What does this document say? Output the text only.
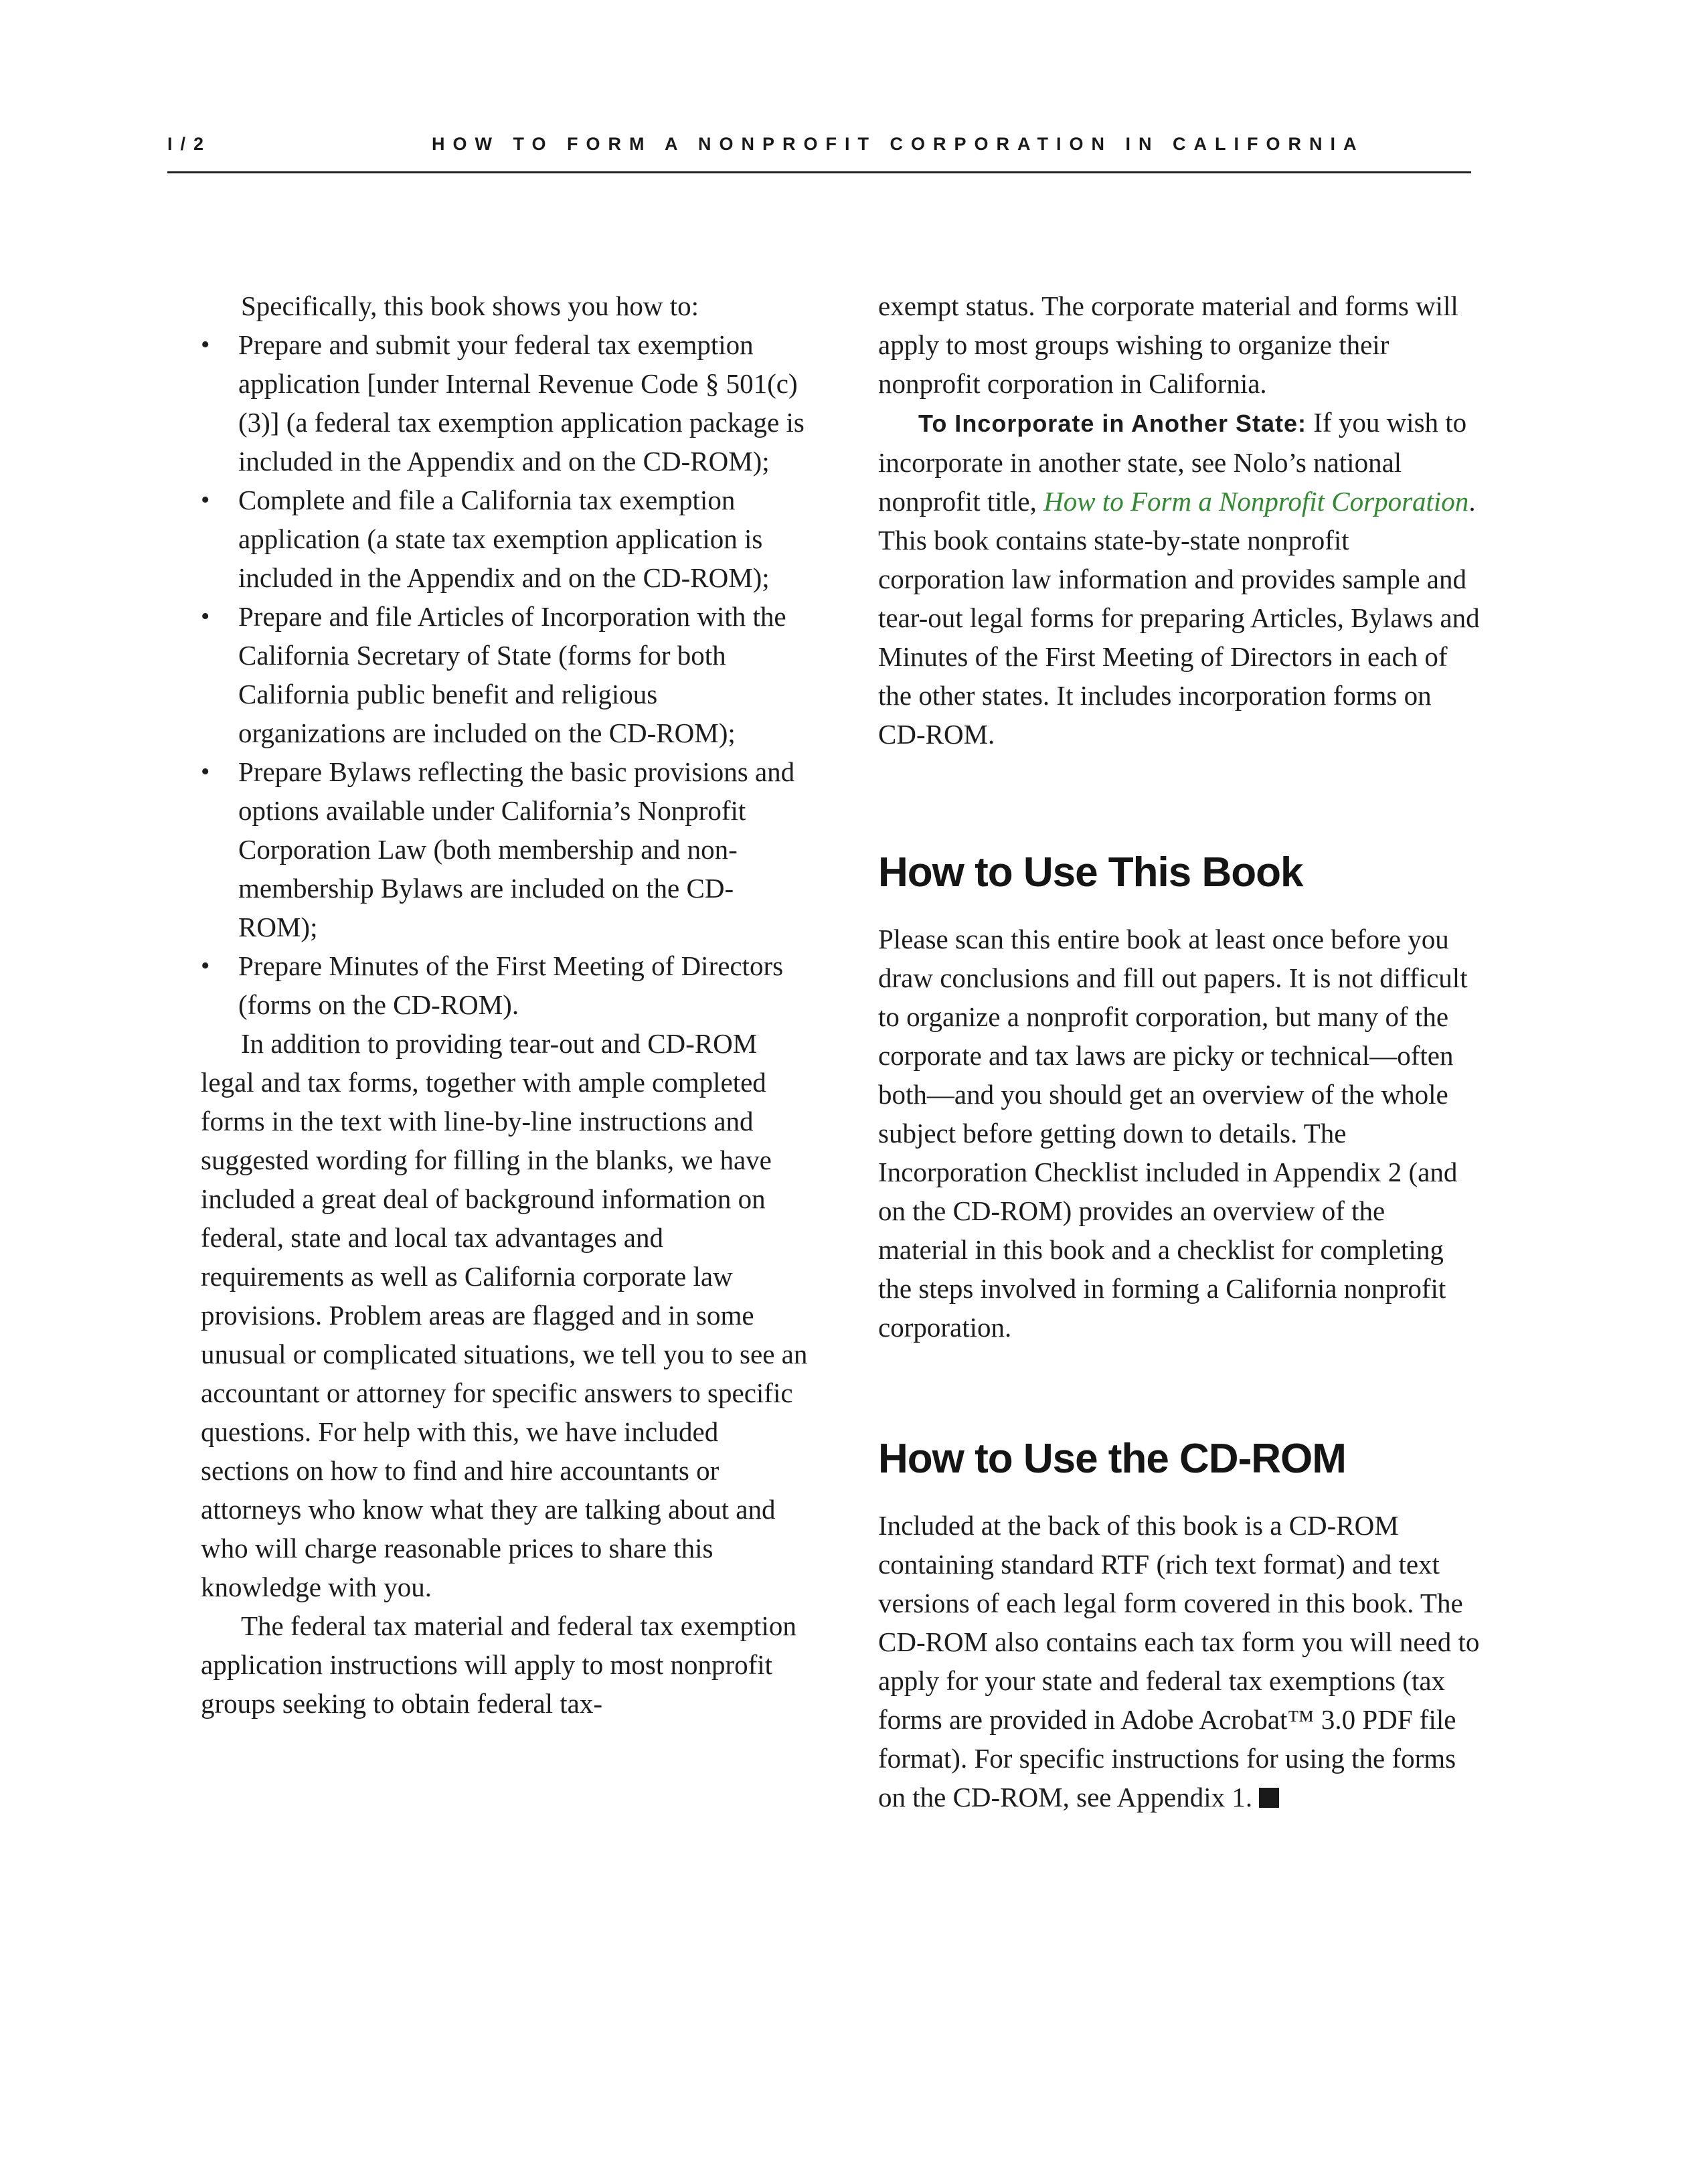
I/2	HOW TO FORM A NONPROFIT CORPORATION IN CALIFORNIA

Specifically, this book shows you how to:

•	Prepare and submit your federal tax exemption application [under Internal Revenue Code § 501(c)(3)] (a federal tax exemption application package is included in the Appendix and on the CD-ROM);
•	Complete and file a California tax exemption application (a state tax exemption application is included in the Appendix and on the CD-ROM);
•	Prepare and file Articles of Incorporation with the California Secretary of State (forms for both California public benefit and religious organizations are included on the CD-ROM);
•	Prepare Bylaws reflecting the basic provisions and options available under California’s Nonprofit Corporation Law (both membership and non-membership Bylaws are included on the CD-ROM);
•	Prepare Minutes of the First Meeting of Directors (forms on the CD-ROM).

In addition to providing tear-out and CD-ROM legal and tax forms, together with ample completed forms in the text with line-by-line instructions and suggested wording for filling in the blanks, we have included a great deal of background information on federal, state and local tax advantages and requirements as well as California corporate law provisions. Problem areas are flagged and in some unusual or complicated situations, we tell you to see an accountant or attorney for specific answers to specific questions. For help with this, we have included sections on how to find and hire accountants or attorneys who know what they are talking about and who will charge reasonable prices to share this knowledge with you.

The federal tax material and federal tax exemption application instructions will apply to most nonprofit groups seeking to obtain federal tax-

exempt status. The corporate material and forms will apply to most groups wishing to organize their nonprofit corporation in California.

To Incorporate in Another State: If you wish to incorporate in another state, see Nolo’s national nonprofit title, How to Form a Nonprofit Corporation. This book contains state-by-state nonprofit corporation law information and provides sample and tear-out legal forms for preparing Articles, Bylaws and Minutes of the First Meeting of Directors in each of the other states. It includes incorporation forms on CD-ROM.

How to Use This Book

Please scan this entire book at least once before you draw conclusions and fill out papers. It is not difficult to organize a nonprofit corporation, but many of the corporate and tax laws are picky or technical—often both—and you should get an overview of the whole subject before getting down to details. The Incorporation Checklist included in Appendix 2 (and on the CD-ROM) provides an overview of the material in this book and a checklist for completing the steps involved in forming a California nonprofit corporation.

How to Use the CD-ROM

Included at the back of this book is a CD-ROM containing standard RTF (rich text format) and text versions of each legal form covered in this book. The CD-ROM also contains each tax form you will need to apply for your state and federal tax exemptions (tax forms are provided in Adobe Acrobat™ 3.0 PDF file format). For specific instructions for using the forms on the CD-ROM, see Appendix 1.
